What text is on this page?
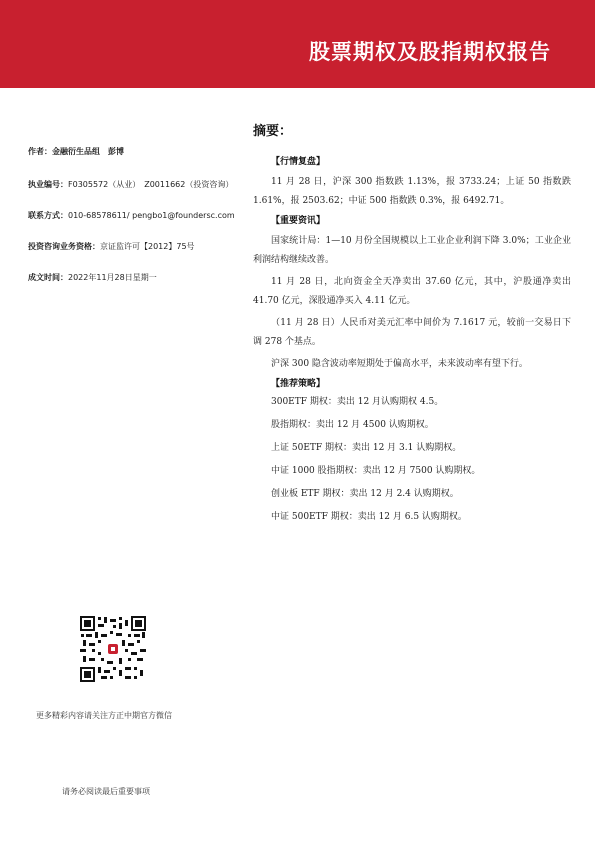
股票期权及股指期权报告
作者：金融衍生品组　彭博
执业编号：F0305572（从业）　Z0011662（投资咨询）
联系方式：010-68578611/ pengbo1@foundersc.com
投资咨询业务资格：京证监许可【2012】75号
成文时间：2022年11月28日星期一
更多精彩内容请关注方正中期官方微信
请务必阅读最后重要事项
摘要：
【行情复盘】

11 月 28 日，沪深 300 指数跌 1.13%，报 3733.24；上证 50 指数跌 1.61%，报 2503.62；中证 500 指数跌 0.3%，报 6492.71。

【重要资讯】

国家统计局：1—10 月份全国规模以上工业企业利润下降 3.0%；工业企业利润结构继续改善。

11 月 28 日，北向资金全天净卖出 37.60 亿元，其中，沪股通净卖出 41.70 亿元，深股通净买入 4.11 亿元。

（11 月 28 日）人民币对美元汇率中间价为 7.1617 元，较前一交易日下调 278 个基点。

沪深 300 隐含波动率短期处于偏高水平，未来波动率有望下行。

【推荐策略】
300ETF 期权：卖出 12 月认购期权 4.5。
股指期权：卖出 12 月 4500 认购期权。
上证 50ETF 期权：卖出 12 月 3.1 认购期权。
中证 1000 股指期权：卖出 12 月 7500 认购期权。
创业板 ETF 期权：卖出 12 月 2.4 认购期权。
中证 500ETF 期权：卖出 12 月 6.5 认购期权。
